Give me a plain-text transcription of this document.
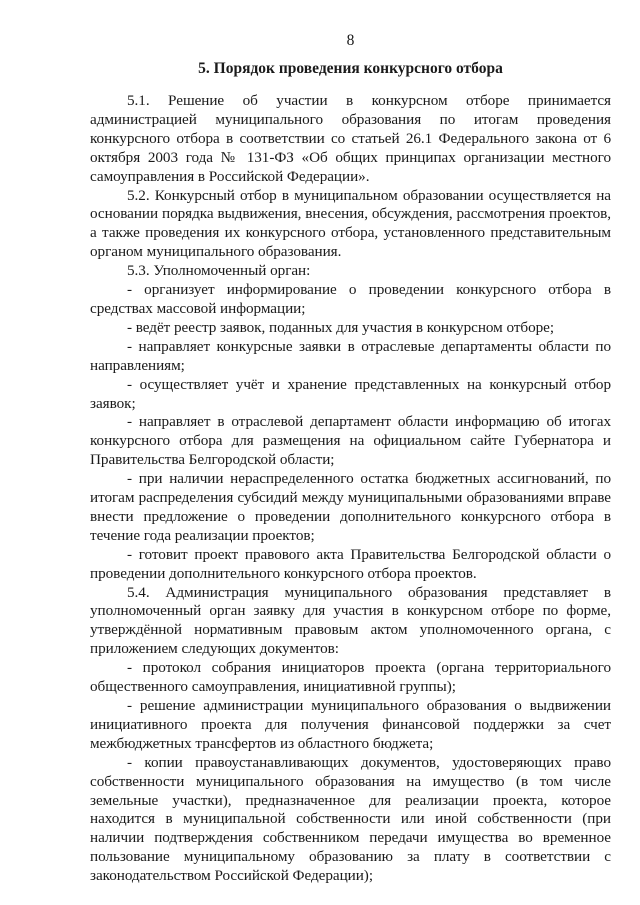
8
5. Порядок проведения конкурсного отбора

5.1. Решение об участии в конкурсном отборе принимается администрацией муниципального образования по итогам проведения конкурсного отбора в соответствии со статьей 26.1 Федерального закона от 6 октября 2003 года № 131-ФЗ «Об общих принципах организации местного самоуправления в Российской Федерации».

5.2. Конкурсный отбор в муниципальном образовании осуществляется на основании порядка выдвижения, внесения, обсуждения, рассмотрения проектов, а также проведения их конкурсного отбора, установленного представительным органом муниципального образования.

5.3. Уполномоченный орган:

- организует информирование о проведении конкурсного отбора в средствах массовой информации;

- ведёт реестр заявок, поданных для участия в конкурсном отборе;

- направляет конкурсные заявки в отраслевые департаменты области по направлениям;

- осуществляет учёт и хранение представленных на конкурсный отбор заявок;

- направляет в отраслевой департамент области информацию об итогах конкурсного отбора для размещения на официальном сайте Губернатора и Правительства Белгородской области;

- при наличии нераспределенного остатка бюджетных ассигнований, по итогам распределения субсидий между муниципальными образованиями вправе внести предложение о проведении дополнительного конкурсного отбора в течение года реализации проектов;

- готовит проект правового акта Правительства Белгородской области о проведении дополнительного конкурсного отбора проектов.

5.4. Администрация муниципального образования представляет в уполномоченный орган заявку для участия в конкурсном отборе по форме, утверждённой нормативным правовым актом уполномоченного органа, с приложением следующих документов:

- протокол собрания инициаторов проекта (органа территориального общественного самоуправления, инициативной группы);

- решение администрации муниципального образования о выдвижении инициативного проекта для получения финансовой поддержки за счет межбюджетных трансфертов из областного бюджета;

- копии правоустанавливающих документов, удостоверяющих право собственности муниципального образования на имущество (в том числе земельные участки), предназначенное для реализации проекта, которое находится в муниципальной собственности или иной собственности (при наличии подтверждения собственником передачи имущества во временное пользование муниципальному образованию за плату в соответствии с законодательством Российской Федерации);
